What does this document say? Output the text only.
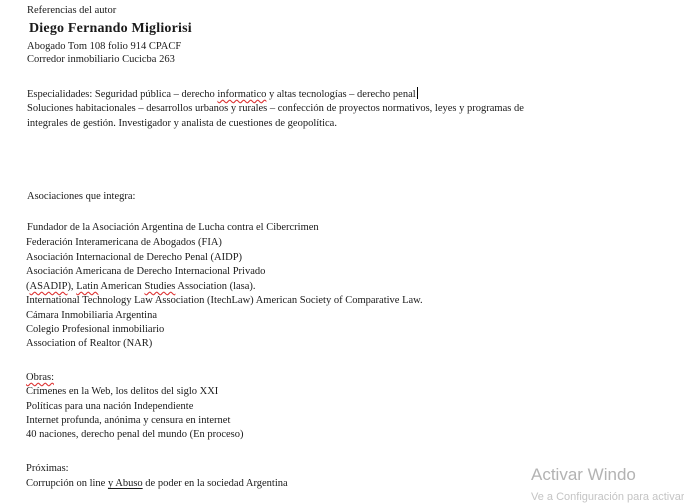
Referencias del autor
Diego Fernando Migliorisi
Abogado Tom 108 folio 914 CPACF
Corredor inmobiliario Cucicba 263
Especialidades: Seguridad pública – derecho informatico y altas tecnologías – derecho penal
Soluciones habitacionales – desarrollos urbanos y rurales – confección de proyectos normativos, leyes y programas de
integrales de gestión. Investigador y analista de cuestiones de geopolítica.
Asociaciones que integra:
Fundador de la Asociación Argentina de Lucha contra el Cibercrimen
Federación Interamericana de Abogados (FIA)
Asociación Internacional de Derecho Penal (AIDP)
Asociación Americana de Derecho Internacional Privado
(ASADIP), Latin American Studies Association (lasa).
International Technology Law Association (ItechLaw) American Society of Comparative Law.
Cámara Inmobiliaria Argentina
Colegio Profesional inmobiliario
Association of Realtor (NAR)
Obras:
Crímenes en la Web, los delitos del siglo XXI
Políticas para una nación Independiente
Internet profunda, anónima y censura en internet
40 naciones, derecho penal del mundo (En proceso)
Próximas:
Corrupción on line y Abuso de poder en la sociedad Argentina	Activar Windo
Ve a Configuración para activar
